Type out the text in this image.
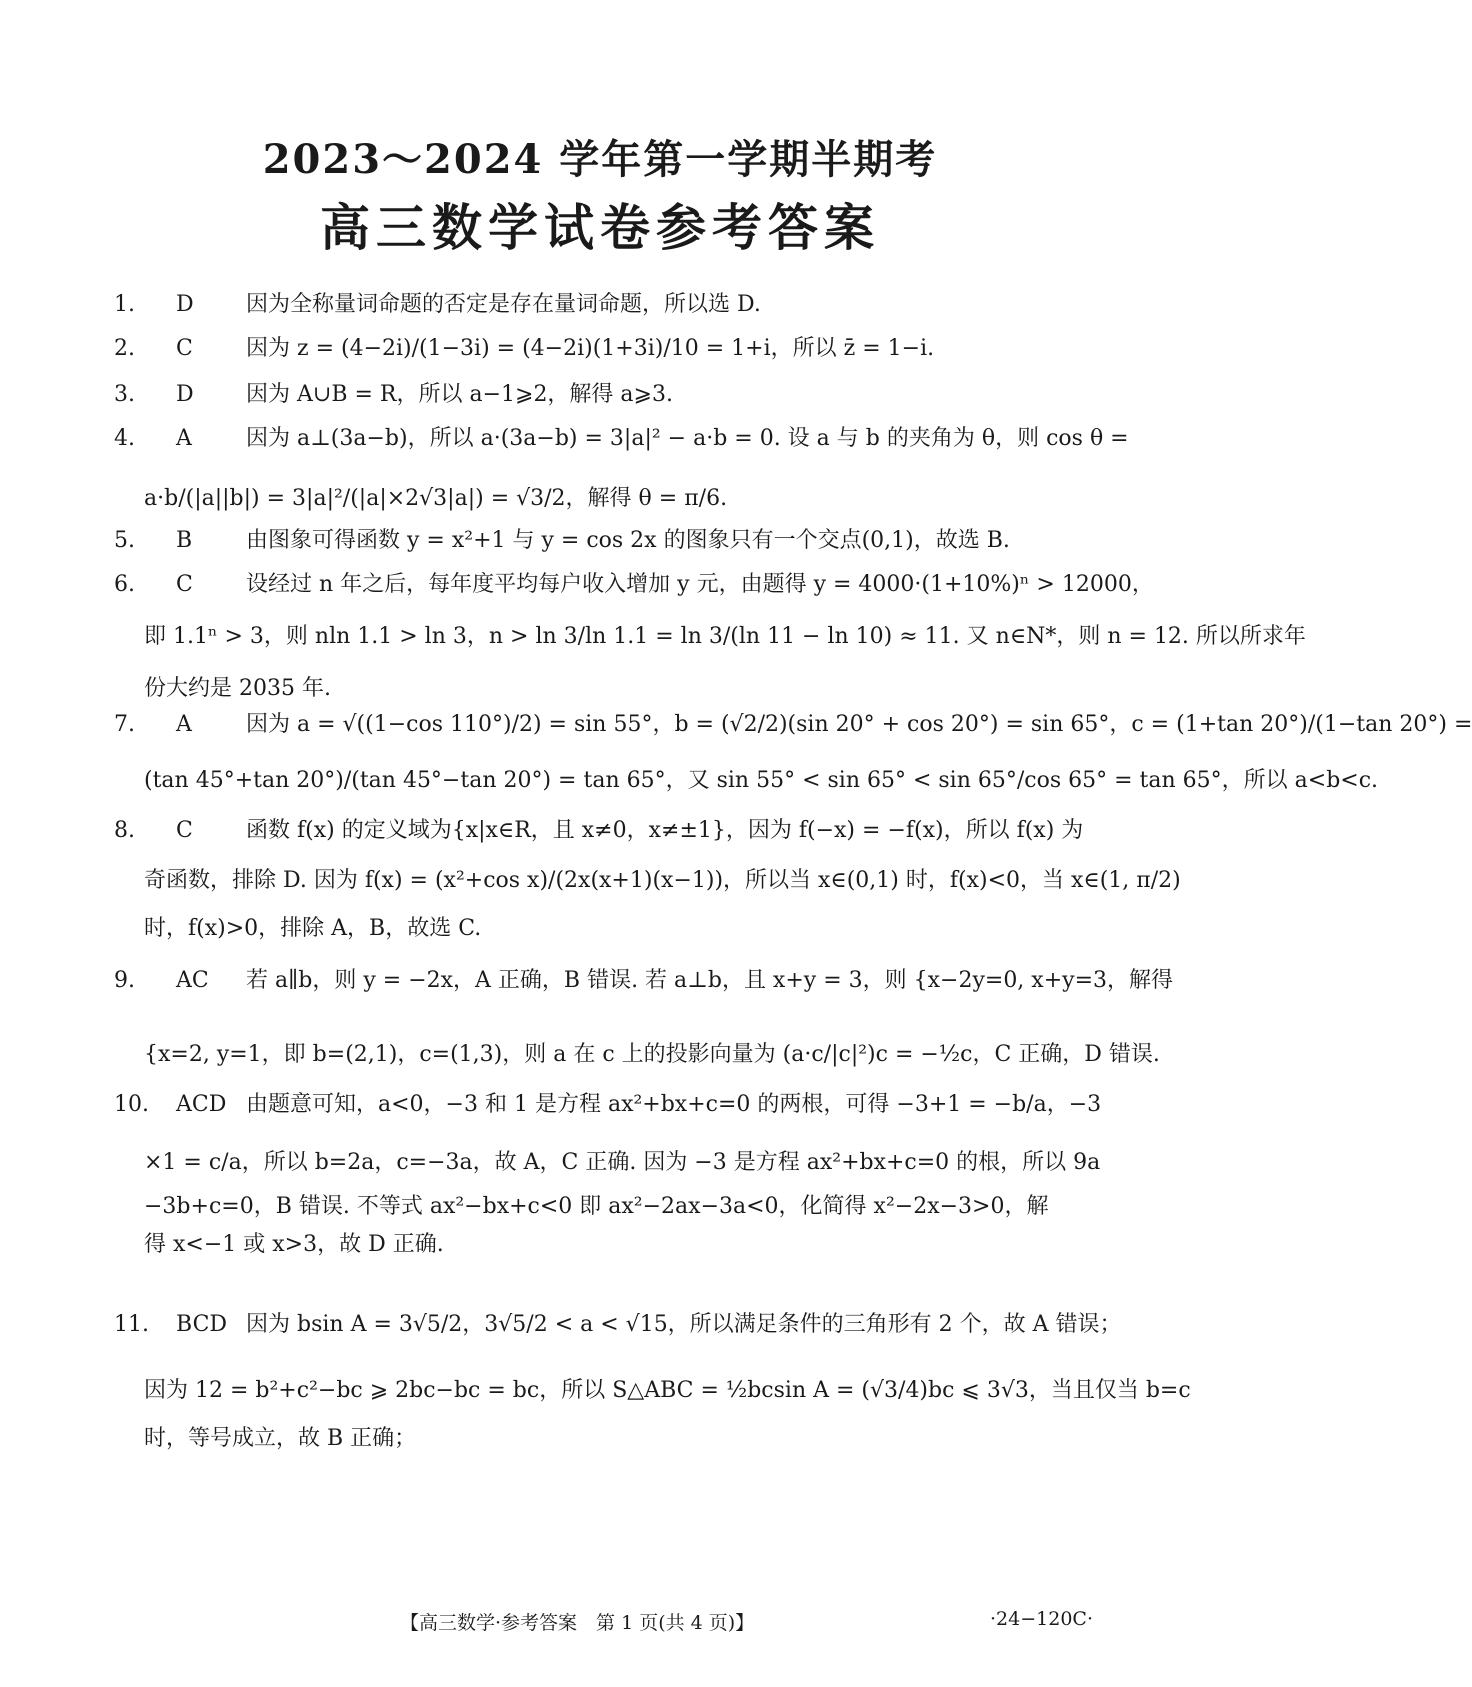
2023～2024 学年第一学期半期考
高三数学试卷参考答案
1. D 因为全称量词命题的否定是存在量词命题，所以选 D.
2. C 因为 z = (4−2i)/(1−3i) = (4−2i)(1+3i)/10 = 1+i，所以 z̄ = 1−i.
3. D 因为 A∪B = R，所以 a−1⩾2，解得 a⩾3.
4. A 因为 a⊥(3a−b)，所以 a·(3a−b) = 3|a|² − a·b = 0. 设 a 与 b 的夹角为 θ，则 cos θ =
a·b/(|a||b|) = 3|a|²/(|a|×2√3|a|) = √3/2，解得 θ = π/6.
5. B 由图象可得函数 y = x²+1 与 y = cos 2x 的图象只有一个交点(0,1)，故选 B.
6. C 设经过 n 年之后，每年度平均每户收入增加 y 元，由题得 y = 4000·(1+10%)ⁿ > 12000，
即 1.1ⁿ > 3，则 nln 1.1 > ln 3，n > ln 3/ln 1.1 = ln 3/(ln 11 − ln 10) ≈ 11. 又 n∈N*，则 n = 12. 所以所求年
份大约是 2035 年.
7. A 因为 a = √((1−cos 110°)/2) = sin 55°，b = (√2/2)(sin 20° + cos 20°) = sin 65°，c = (1+tan 20°)/(1−tan 20°) =
(tan 45°+tan 20°)/(tan 45°−tan 20°) = tan 65°，又 sin 55° < sin 65° < sin 65°/cos 65° = tan 65°，所以 a<b<c.
8. C 函数 f(x) 的定义域为{x|x∈R，且 x≠0，x≠±1}，因为 f(−x) = −f(x)，所以 f(x) 为
奇函数，排除 D. 因为 f(x) = (x²+cos x)/(2x(x+1)(x−1))，所以当 x∈(0,1) 时，f(x)<0，当 x∈(1, π/2)
时，f(x)>0，排除 A，B，故选 C.
9. AC 若 a∥b，则 y = −2x，A 正确，B 错误. 若 a⊥b，且 x+y = 3，则 {x−2y=0, x+y=3，解得
{x=2, y=1，即 b=(2,1)，c=(1,3)，则 a 在 c 上的投影向量为 (a·c/|c|²)c = −½c，C 正确，D 错误.
10. ACD 由题意可知，a<0，−3 和 1 是方程 ax²+bx+c=0 的两根，可得 −3+1 = −b/a，−3
×1 = c/a，所以 b=2a，c=−3a，故 A，C 正确. 因为 −3 是方程 ax²+bx+c=0 的根，所以 9a
−3b+c=0，B 错误. 不等式 ax²−bx+c<0 即 ax²−2ax−3a<0，化简得 x²−2x−3>0，解
得 x<−1 或 x>3，故 D 正确.
11. BCD 因为 bsin A = 3√5/2，3√5/2 < a < √15，所以满足条件的三角形有 2 个，故 A 错误；
因为 12 = b²+c²−bc ⩾ 2bc−bc = bc，所以 S△ABC = ½bcsin A = (√3/4)bc ⩽ 3√3，当且仅当 b=c
时，等号成立，故 B 正确；
【高三数学·参考答案　第 1 页(共 4 页)】	·24−120C·
